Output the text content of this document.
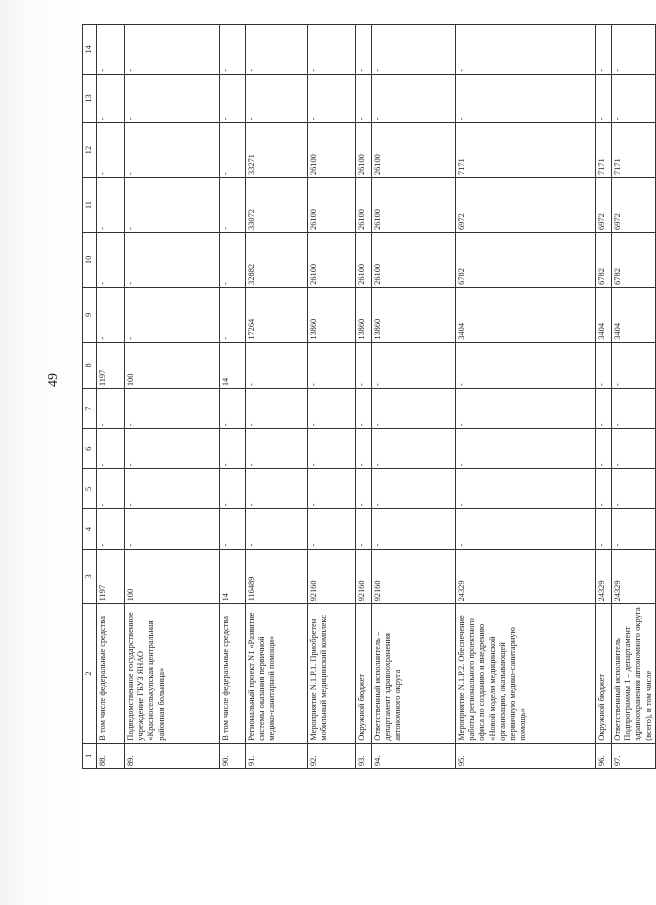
49
1	2	3	4	5	6	7	8	9	10	11	12	13	14
88.	В том числе федеральные средства	1197	-	-	-	-	1197	-	-	-	-	-	-
89.	Подведомственное государственное учреждение ГБУЗ ЯНАО «Красноселькупская центральная районная больница»	100	-	-	-	-	100	-	-	-	-	-	-
90.	В том числе федеральные средства	14	-	-	-	-	14	-	-	-	-	-	-
91.	Региональный проект N1 «Развитие системы оказания первичной медико-санитарной помощи»	116489	-	-	-	-	-	17264	32882	33072	33271	-	-
92.	Мероприятие N.1.P.1. Приобретен мобильный медицинский комплекс	92160	-	-	-	-	-	13860	26100	26100	26100	-	-
93.	Окружной бюджет	92160	-	-	-	-	-	13860	26100	26100	26100	-	-
94.	Ответственный исполнитель – департамент здравоохранения автономного округа	92160	-	-	-	-	-	13860	26100	26100	26100	-	-
95.	Мероприятие N.1.P.2. Обеспечение работы регионального проектного офиса по созданию и внедрению «Новой модели медицинской организации, оказывающей первичную медико-санитарную помощь»	24329	-	-	-	-	-	3404	6782	6972	7171	-	-
96.	Окружной бюджет	24329	-	-	-	-	-	3404	6782	6972	7171	-	-
97.	Ответственный исполнитель Подпрограммы 1 – департамент здравоохранения автономного округа (всего), в том числе	24329	-	-	-	-	-	3404	6782	6972	7171	-	-
